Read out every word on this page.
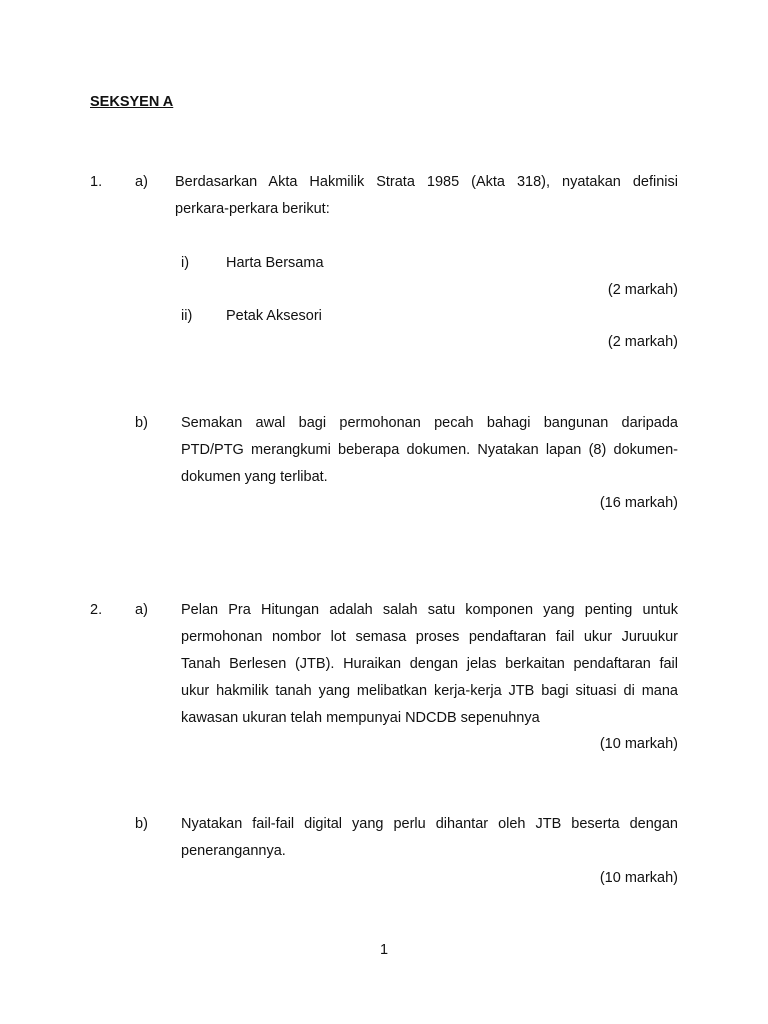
SEKSYEN A
1. a) Berdasarkan Akta Hakmilik Strata 1985 (Akta 318), nyatakan definisi
perkara-perkara berikut:
i)	Harta Bersama
(2 markah)
ii) Petak Aksesori
(2 markah)
b) Semakan awal bagi permohonan pecah bahagi bangunan daripada
PTD/PTG merangkumi beberapa dokumen. Nyatakan lapan (8) dokumen-
dokumen yang terlibat.
(16 markah)
2. a) Pelan Pra Hitungan adalah salah satu komponen yang penting untuk
permohonan nombor lot semasa proses pendaftaran fail ukur Juruukur
Tanah Berlesen (JTB). Huraikan dengan jelas berkaitan pendaftaran fail
ukur hakmilik tanah yang melibatkan kerja-kerja JTB bagi situasi di mana
kawasan ukuran telah mempunyai NDCDB sepenuhnya
(10 markah)
b) Nyatakan fail-fail digital yang perlu dihantar oleh JTB beserta dengan
penerangannya.
(10 markah)
1
